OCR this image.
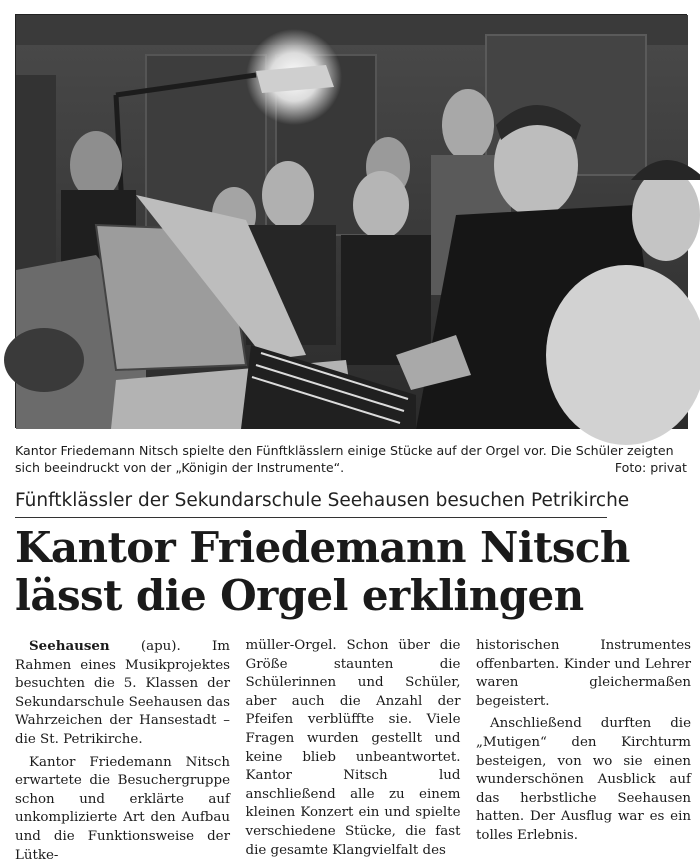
Kantor Friedemann Nitsch spielte den Fünftklässlern einige Stücke auf der Orgel vor. Die Schüler zeigten
sich beeindruckt von der „Königin der Instrumente“.	Foto: privat
Fünftklässler der Sekundarschule Seehausen besuchen Petrikirche
Kantor Friedemann Nitsch
lässt die Orgel erklingen

Seehausen (apu). Im Rahmen eines Musikprojektes besuchten die 5. Klassen der Sekundarschule Seehausen das Wahrzeichen der Hansestadt – die St. Petrikirche.

Kantor Friedemann Nitsch erwartete die Besuchergruppe schon und erklärte auf unkomplizierte Art den Aufbau und die Funktionsweise der Lütke-

müller-Orgel. Schon über die Größe staunten die Schülerinnen und Schüler, aber auch die Anzahl der Pfeifen verblüffte sie. Viele Fragen wurden gestellt und keine blieb unbeantwortet. Kantor Nitsch lud anschließend alle zu einem kleinen Konzert ein und spielte verschiedene Stücke, die fast die gesamte Klangvielfalt des

historischen Instrumentes offenbarten. Kinder und Lehrer waren gleichermaßen begeistert.

Anschließend durften die „Mutigen“ den Kirchturm besteigen, von wo sie einen wunderschönen Ausblick auf das herbstliche Seehausen hatten. Der Ausflug war es ein tolles Erlebnis.
